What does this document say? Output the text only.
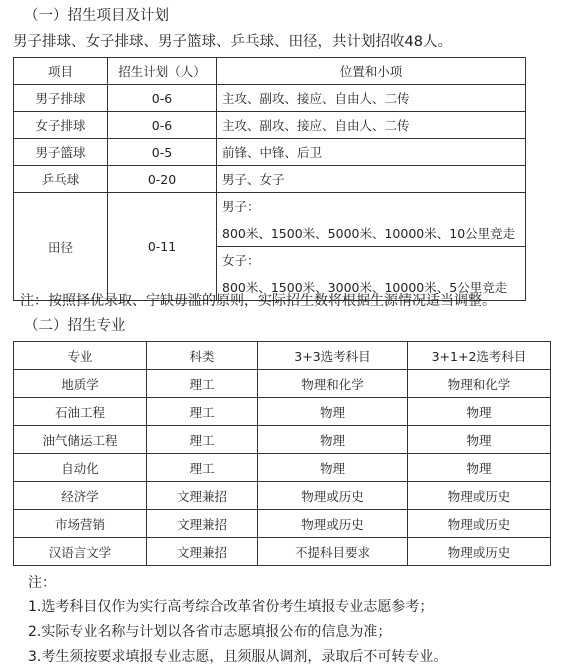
（一）招生项目及计划
男子排球、女子排球、男子篮球、乒乓球、田径，共计划招收48人。
项目	招生计划（人）	位置和小项
男子排球	0-6	主攻、副攻、接应、自由人、二传
女子排球	0-6	主攻、副攻、接应、自由人、二传
男子篮球	0-5	前锋、中锋、后卫
乒乓球	0-20	男子、女子
田径	0-11	男子：
		800米、1500米、5000米、10000米、10公里竞走
		女子：
		800米、1500米、3000米、10000米、5公里竞走
注：按照择优录取、宁缺毋滥的原则，实际招生数将根据生源情况适当调整。
（二）招生专业
专业	科类	3+3选考科目	3+1+2选考科目
地质学	理工	物理和化学	物理和化学
石油工程	理工	物理	物理
油气储运工程	理工	物理	物理
自动化	理工	物理	物理
经济学	文理兼招	物理或历史	物理或历史
市场营销	文理兼招	物理或历史	物理或历史
汉语言文学	文理兼招	不提科目要求	物理或历史
注：
1.选考科目仅作为实行高考综合改革省份考生填报专业志愿参考；
2.实际专业名称与计划以各省市志愿填报公布的信息为准；
3.考生须按要求填报专业志愿，且须服从调剂，录取后不可转专业。
